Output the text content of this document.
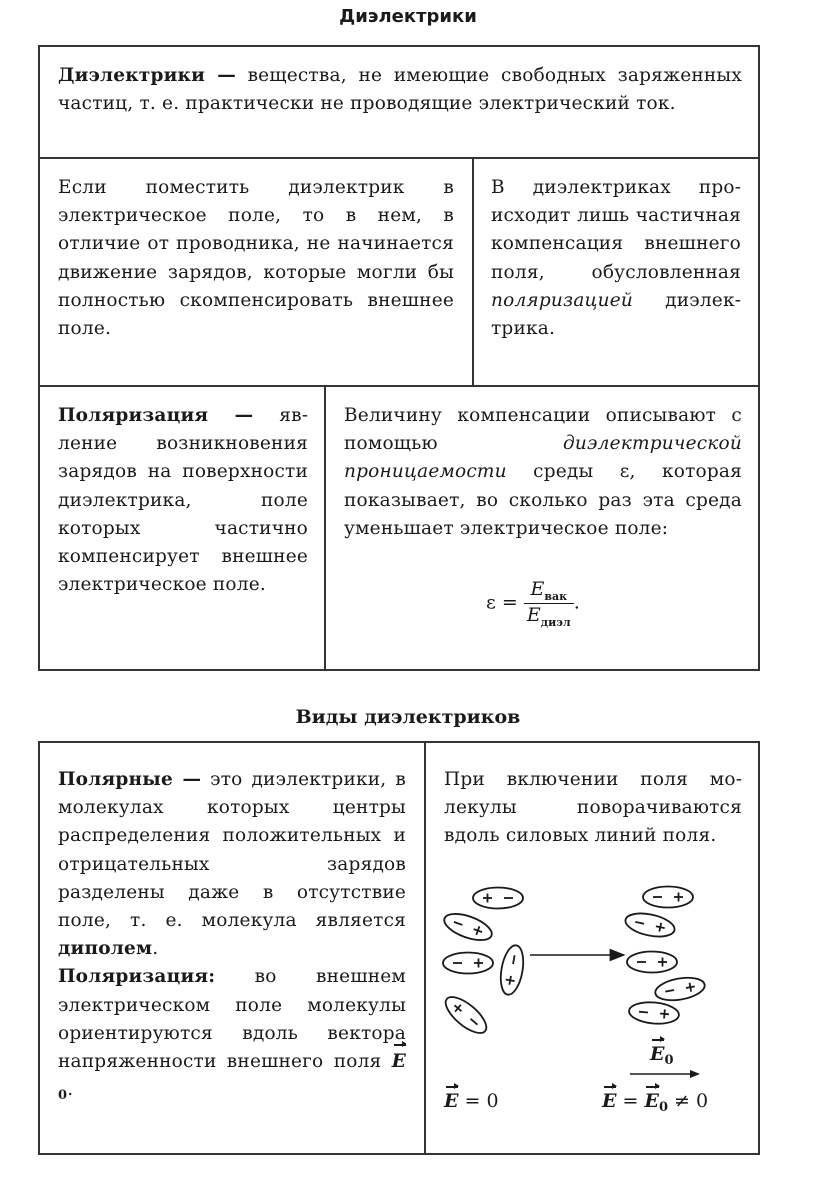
Диэлектрики
Диэлектрики — вещества, не имеющие свободных заряженных частиц, т. е. практически не проводящие электрический ток.
Если поместить диэлектрик в электрическое поле, то в нем, в отличие от проводника, не начинается движение зарядов, которые могли бы полностью скомпенсировать внешнее поле.
В диэлектриках происходит лишь частичная компенсация внешнего поля, обусловленная поляризацией диэлектрика.
Поляризация — явление возникновения зарядов на поверхности диэлектрика, поле которых частично компенсирует внешнее электрическое поле.
Величину компенсации описывают с помощью диэлектрической проницаемости среды ε, которая показывает, во сколько раз эта среда уменьшает электрическое поле:
$\varepsilon = \frac{E_{вак}}{E_{диэл}}$ .
Виды диэлектриков
Полярные — это диэлектрики, в молекулах которых центры распределения положительных и отрицательных зарядов разделены даже в отсутствие поле, т. е. молекула является диполем.
Поляризация: во внешнем электрическом поле молекулы ориентируются вдоль вектора напряженности внешнего поля $E_0$.
При включении поля молекулы поворачиваются вдоль силовых линий поля.
$E_0$
E = 0	$E = E_0 \ne 0$
